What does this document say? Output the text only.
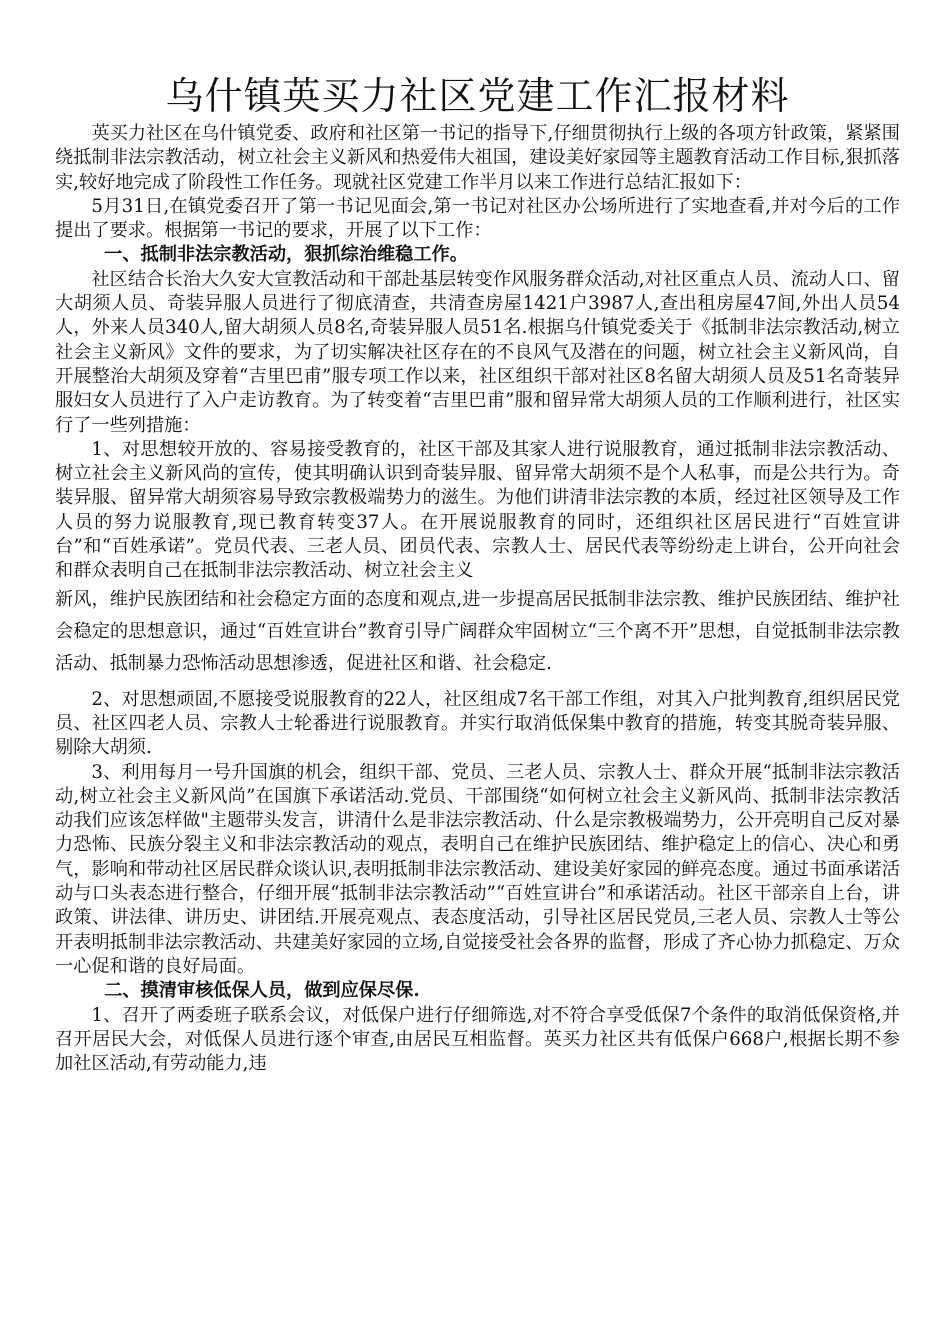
乌什镇英买力社区党建工作汇报材料

英买力社区在乌什镇党委、政府和社区第一书记的指导下,仔细贯彻执行上级的各项方针政策，紧紧围绕抵制非法宗教活动，树立社会主义新风和热爱伟大祖国，建设美好家园等主题教育活动工作目标,狠抓落实,较好地完成了阶段性工作任务。现就社区党建工作半月以来工作进行总结汇报如下：

5月31日,在镇党委召开了第一书记见面会,第一书记对社区办公场所进行了实地查看,并对今后的工作提出了要求。根据第一书记的要求，开展了以下工作：

一、抵制非法宗教活动，狠抓综治维稳工作。

社区结合长治大久安大宣教活动和干部赴基层转变作风服务群众活动,对社区重点人员、流动人口、留大胡须人员、奇装异服人员进行了彻底清查，共清查房屋1421户3987人,查出租房屋47间,外出人员54人，外来人员340人,留大胡须人员8名,奇装异服人员51名.根据乌什镇党委关于《抵制非法宗教活动,树立社会主义新风》文件的要求，为了切实解决社区存在的不良风气及潜在的问题，树立社会主义新风尚，自开展整治大胡须及穿着“吉里巴甫”服专项工作以来，社区组织干部对社区8名留大胡须人员及51名奇装异服妇女人员进行了入户走访教育。为了转变着“吉里巴甫”服和留异常大胡须人员的工作顺利进行，社区实行了一些列措施：

1、对思想较开放的、容易接受教育的，社区干部及其家人进行说服教育，通过抵制非法宗教活动、树立社会主义新风尚的宣传，使其明确认识到奇装异服、留异常大胡须不是个人私事，而是公共行为。奇装异服、留异常大胡须容易导致宗教极端势力的滋生。为他们讲清非法宗教的本质，经过社区领导及工作人员的努力说服教育,现已教育转变37人。在开展说服教育的同时，还组织社区居民进行“百姓宣讲台”和“百姓承诺”。党员代表、三老人员、团员代表、宗教人士、居民代表等纷纷走上讲台，公开向社会和群众表明自己在抵制非法宗教活动、树立社会主义

新风，维护民族团结和社会稳定方面的态度和观点,进一步提高居民抵制非法宗教、维护民族团结、维护社会稳定的思想意识，通过“百姓宣讲台”教育引导广阔群众牢固树立“三个离不开”思想，自觉抵制非法宗教活动、抵制暴力恐怖活动思想渗透，促进社区和谐、社会稳定.

2、对思想顽固,不愿接受说服教育的22人，社区组成7名干部工作组，对其入户批判教育,组织居民党员、社区四老人员、宗教人士轮番进行说服教育。并实行取消低保集中教育的措施，转变其脱奇装异服、剔除大胡须.

3、利用每月一号升国旗的机会，组织干部、党员、三老人员、宗教人士、群众开展“抵制非法宗教活动,树立社会主义新风尚”在国旗下承诺活动.党员、干部围绕“如何树立社会主义新风尚、抵制非法宗教活动我们应该怎样做"主题带头发言，讲清什么是非法宗教活动、什么是宗教极端势力，公开亮明自己反对暴力恐怖、民族分裂主义和非法宗教活动的观点，表明自己在维护民族团结、维护稳定上的信心、决心和勇气，影响和带动社区居民群众谈认识,表明抵制非法宗教活动、建设美好家园的鲜亮态度。通过书面承诺活动与口头表态进行整合，仔细开展“抵制非法宗教活动”“百姓宣讲台”和承诺活动。社区干部亲自上台，讲政策、讲法律、讲历史、讲团结.开展亮观点、表态度活动，引导社区居民党员,三老人员、宗教人士等公开表明抵制非法宗教活动、共建美好家园的立场,自觉接受社会各界的监督，形成了齐心协力抓稳定、万众一心促和谐的良好局面。

二、摸清审核低保人员，做到应保尽保.

1、召开了两委班子联系会议，对低保户进行仔细筛选,对不符合享受低保7个条件的取消低保资格,并召开居民大会，对低保人员进行逐个审查,由居民互相监督。英买力社区共有低保户668户,根据长期不参加社区活动,有劳动能力,违
